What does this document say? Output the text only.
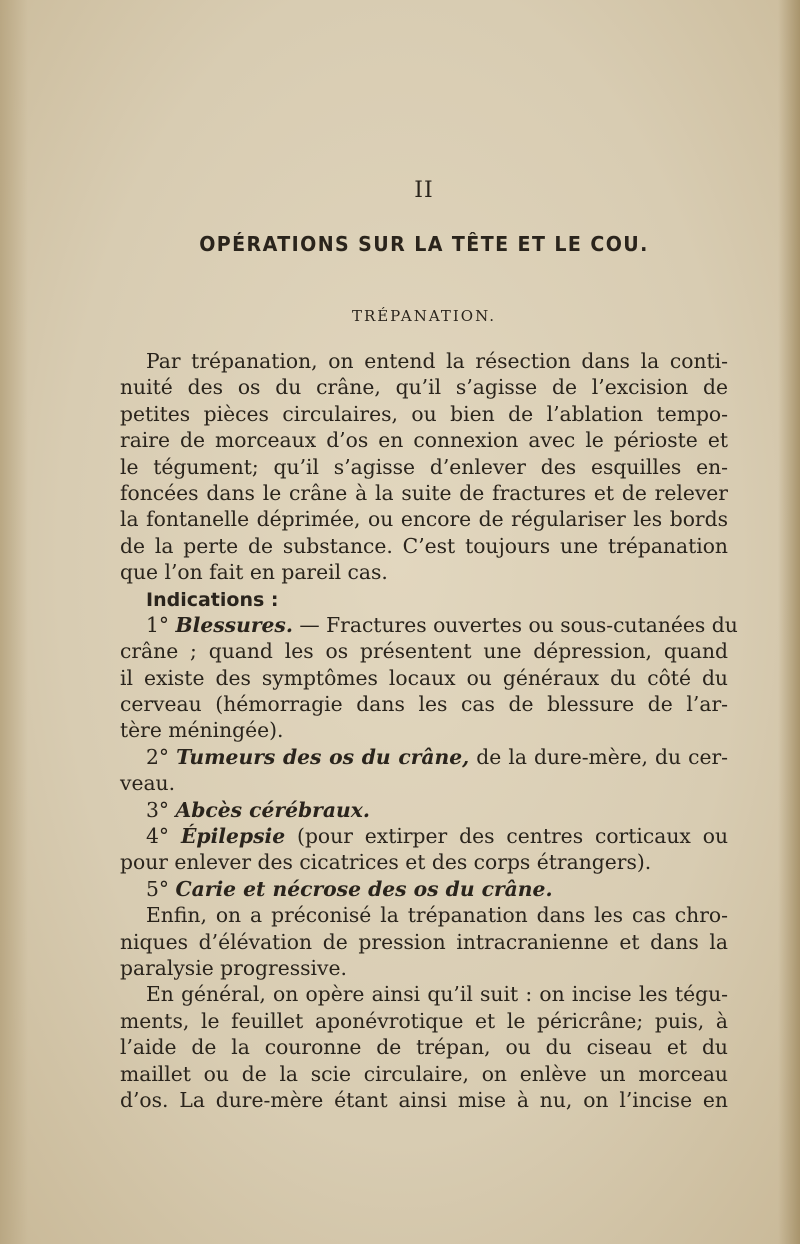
II
OPÉRATIONS SUR LA TÊTE ET LE COU.
TRÉPANATION.
Par trépanation, on entend la résection dans la conti-
nuité des os du crâne, qu’il s’agisse de l’excision de
petites pièces circulaires, ou bien de l’ablation tempo-
raire de morceaux d’os en connexion avec le périoste et
le tégument; qu’il s’agisse d’enlever des esquilles en-
foncées dans le crâne à la suite de fractures et de relever
la fontanelle déprimée, ou encore de régulariser les bords
de la perte de substance. C’est toujours une trépanation
que l’on fait en pareil cas.
Indications :
1° Blessures. — Fractures ouvertes ou sous-cutanées du
crâne ; quand les os présentent une dépression, quand
il existe des symptômes locaux ou généraux du côté du
cerveau (hémorragie dans les cas de blessure de l’ar-
tère méningée).
2° Tumeurs des os du crâne, de la dure-mère, du cer-
veau.
3° Abcès cérébraux.
4° Épilepsie (pour extirper des centres corticaux ou
pour enlever des cicatrices et des corps étrangers).
5° Carie et nécrose des os du crâne.
Enfin, on a préconisé la trépanation dans les cas chro-
niques d’élévation de pression intracranienne et dans la
paralysie progressive.
En général, on opère ainsi qu’il suit : on incise les tégu-
ments, le feuillet aponévrotique et le péricrâne; puis, à
l’aide de la couronne de trépan, ou du ciseau et du
maillet ou de la scie circulaire, on enlève un morceau
d’os. La dure-mère étant ainsi mise à nu, on l’incise en
